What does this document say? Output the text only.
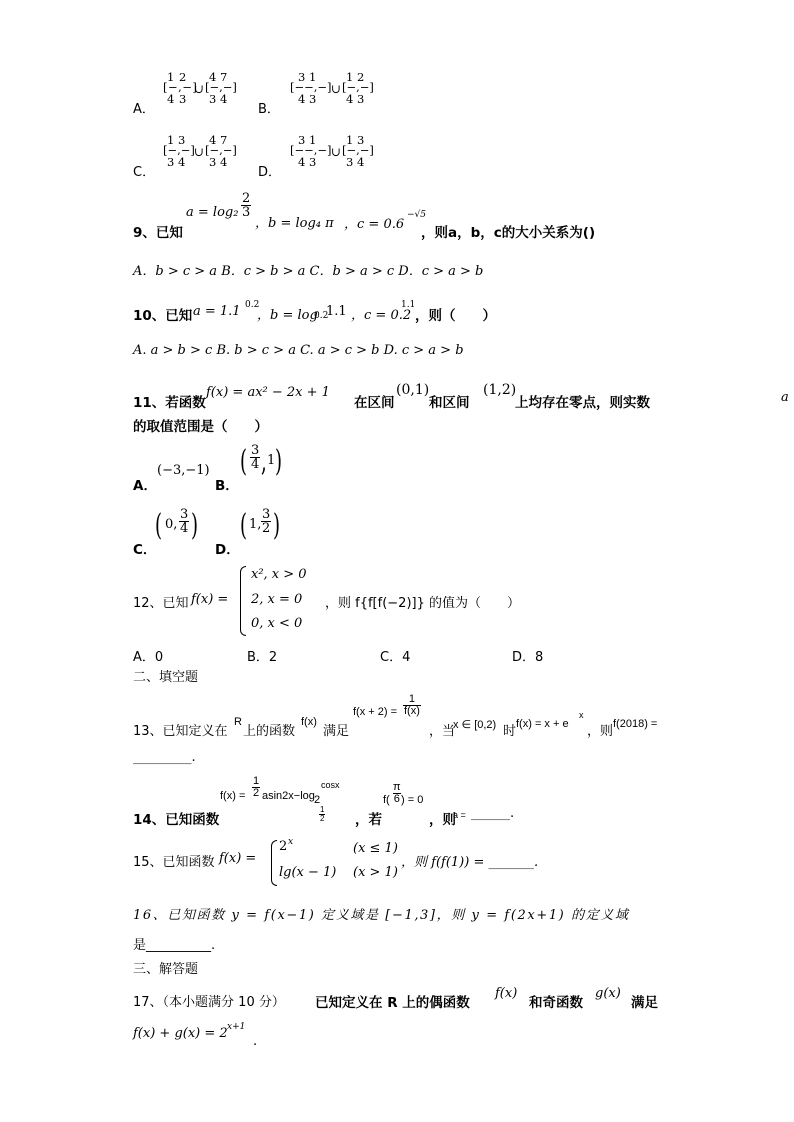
A．
1 2
[−,−]
4 3
∪
4 7
[−,−]
3 4
B．
3 1
[−−,−]
4 3
∪
1 2
[−,−]
4 3
C．
1 3
[−,−]
3 4
∪
4 7
[−,−]
3 4
D．
3 1
[−−,−]
4 3
∪
1 3
[−,−]
3 4
9、已知
$a = \log_2 \frac{2}{3}$
，b = log₄ π ，c = 0.6
−√5
，则a，b，c的大小关系为()
A．b > c > a B．c > b > a C．b > a > c D．c > a > b
10、已知 a = 1.1 0.2
，b = log
0.2
1.1 ，c = 0.2
1.1
，则（　　）
A. a > b > c B. b > c > a C. a > c > b D. c > a > b
11、若函数
f(x) = ax² − 2x + 1
在区间
(0,1)
和区间
(1,2)
上均存在零点，则实数	a
的取值范围是（　　）
A．
(−3,−1)
B．
( $\frac{3}{4}$ , 1 )
C．
( 0, $\frac{3}{4}$ )
D．
( 1, $\frac{3}{2}$ )
12、已知 f(x) =
x², x > 0
2, x = 0
0, x < 0
，则 f{f[f(−2)]} 的值为（　　）
A．0	B．2	C．4	D．8
二、填空题
13、已知定义在
R
上的函数
f(x)
满足
$f(x + 2) = \frac{1}{f(x)}$
，当
x ∈ [0,2) 时 f(x) = x + e
x
，则 f(2018) =
_________.
14、已知函数
$f(x) = \frac{1}{2} asin2x-\log$ 2
cosx
$\frac{1}{2}$ ，若
$f( \frac{\pi}{6}$ ) = 0
，则
a = ______.
15、已知函数 f(x) =
2 x	(x ≤ 1)
lg(x − 1) (x > 1)
，则 f(f(1)) = _______.
16、已知函数 y = f(x−1) 定义域是 [−1,3]，则 y = f(2x+1) 的定义域
是__________.
三、解答题
17、（本小题满分 10 分） 已知定义在 R 上的偶函数
f(x)
和奇函数
g(x)
满足
f(x) + g(x) = 2 x+1
.
